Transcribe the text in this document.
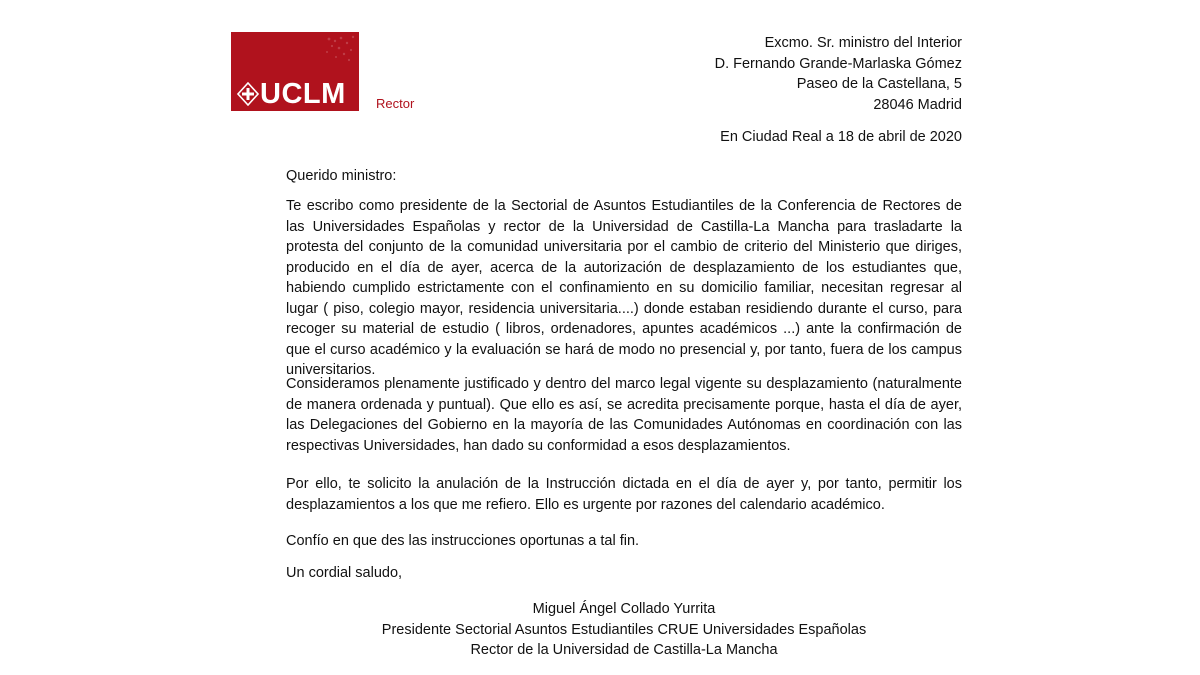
UCLM Rector
Excmo. Sr. ministro del Interior
D. Fernando Grande-Marlaska Gómez
Paseo de la Castellana, 5
28046 Madrid
En Ciudad Real a 18 de abril de 2020

Querido ministro:

Te escribo como presidente de la Sectorial de Asuntos Estudiantiles de la Conferencia de Rectores de las Universidades Españolas y rector de la Universidad de Castilla-La Mancha para trasladarte la protesta del conjunto de la comunidad universitaria por el cambio de criterio del Ministerio que diriges, producido en el día de ayer, acerca de la autorización de desplazamiento de los estudiantes que, habiendo cumplido estrictamente con el confinamiento en su domicilio familiar, necesitan regresar al lugar ( piso, colegio mayor, residencia universitaria....) donde estaban residiendo durante el curso, para recoger su material de estudio ( libros, ordenadores, apuntes académicos ...) ante la confirmación de que el curso académico y la evaluación se hará de modo no presencial y, por tanto, fuera de los campus universitarios.

Consideramos plenamente justificado y dentro del marco legal vigente su desplazamiento (naturalmente de manera ordenada y puntual). Que ello es así, se acredita precisamente porque, hasta el día de ayer, las Delegaciones del Gobierno en la mayoría de las Comunidades Autónomas en coordinación con las respectivas Universidades, han dado su conformidad a esos desplazamientos.

Por ello, te solicito la anulación de la Instrucción dictada en el día de ayer y, por tanto, permitir los desplazamientos a los que me refiero. Ello es urgente por razones del calendario académico.

Confío en que des las instrucciones oportunas a tal fin.

Un cordial saludo,

Miguel Ángel Collado Yurrita
Presidente Sectorial Asuntos Estudiantiles CRUE Universidades Españolas
Rector de la Universidad de Castilla-La Mancha
